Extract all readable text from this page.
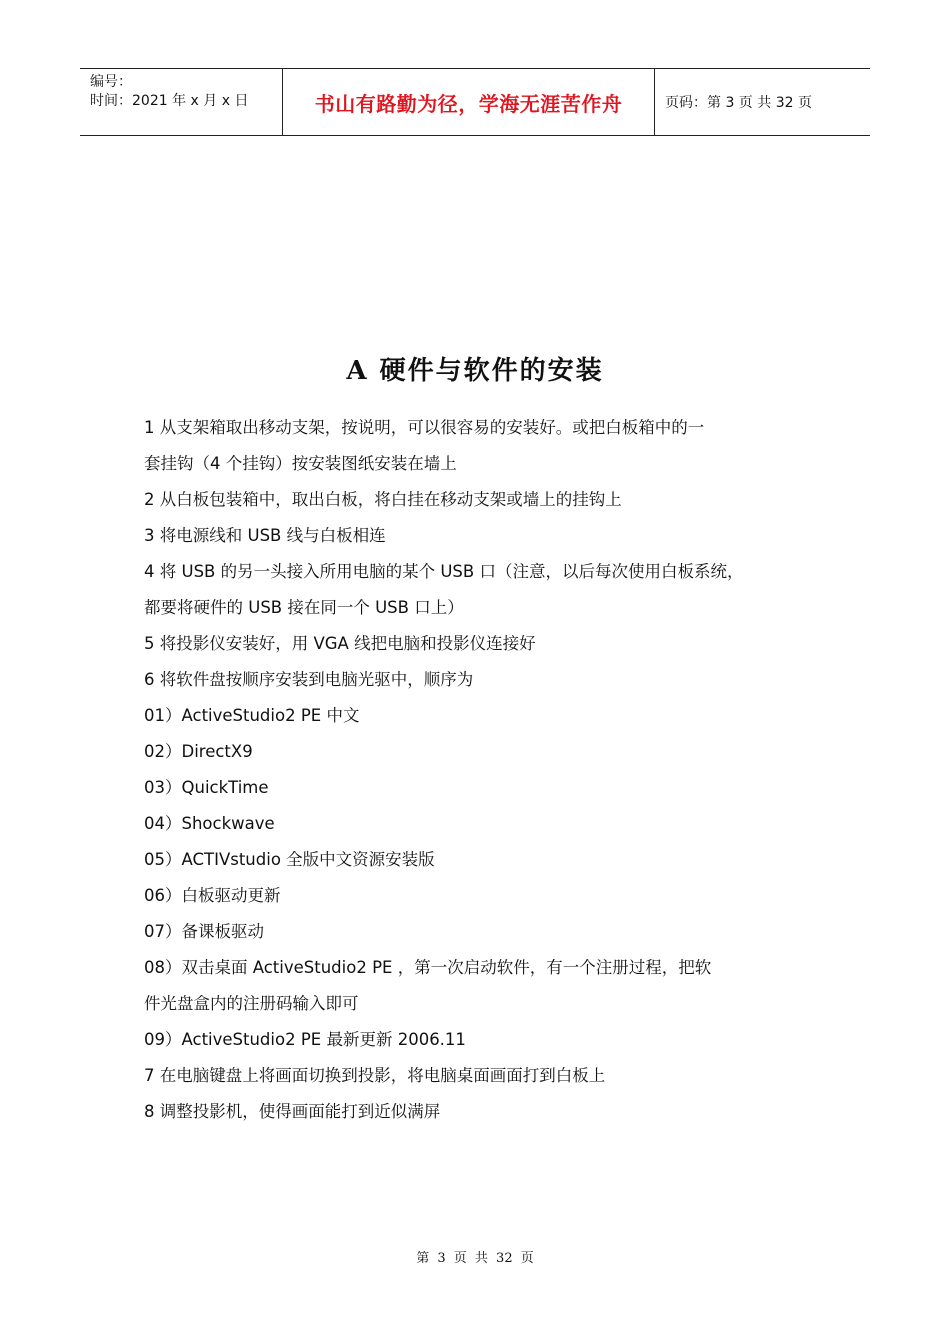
编号：
时间：2021 年 x 月 x 日	书山有路勤为径，学海无涯苦作舟	页码：第 3 页 共 32 页
A 硬件与软件的安装
1 从支架箱取出移动支架，按说明，可以很容易的安装好。或把白板箱中的一
套挂钩（4 个挂钩）按安装图纸安装在墙上
2 从白板包装箱中，取出白板，将白挂在移动支架或墙上的挂钩上
3 将电源线和 USB 线与白板相连
4 将 USB 的另一头接入所用电脑的某个 USB 口（注意，以后每次使用白板系统，
都要将硬件的 USB 接在同一个 USB 口上）
5 将投影仪安装好，用 VGA 线把电脑和投影仪连接好
6 将软件盘按顺序安装到电脑光驱中，顺序为
01）ActiveStudio2 PE 中文
02）DirectX9
03）QuickTime
04）Shockwave
05）ACTIVstudio 全版中文资源安装版
06）白板驱动更新
07）备课板驱动
08）双击桌面 ActiveStudio2 PE ，第一次启动软件，有一个注册过程，把软
件光盘盒内的注册码输入即可
09）ActiveStudio2 PE 最新更新 2006.11
7 在电脑键盘上将画面切换到投影，将电脑桌面画面打到白板上
8 调整投影机，使得画面能打到近似满屏
第 3 页 共 32 页
